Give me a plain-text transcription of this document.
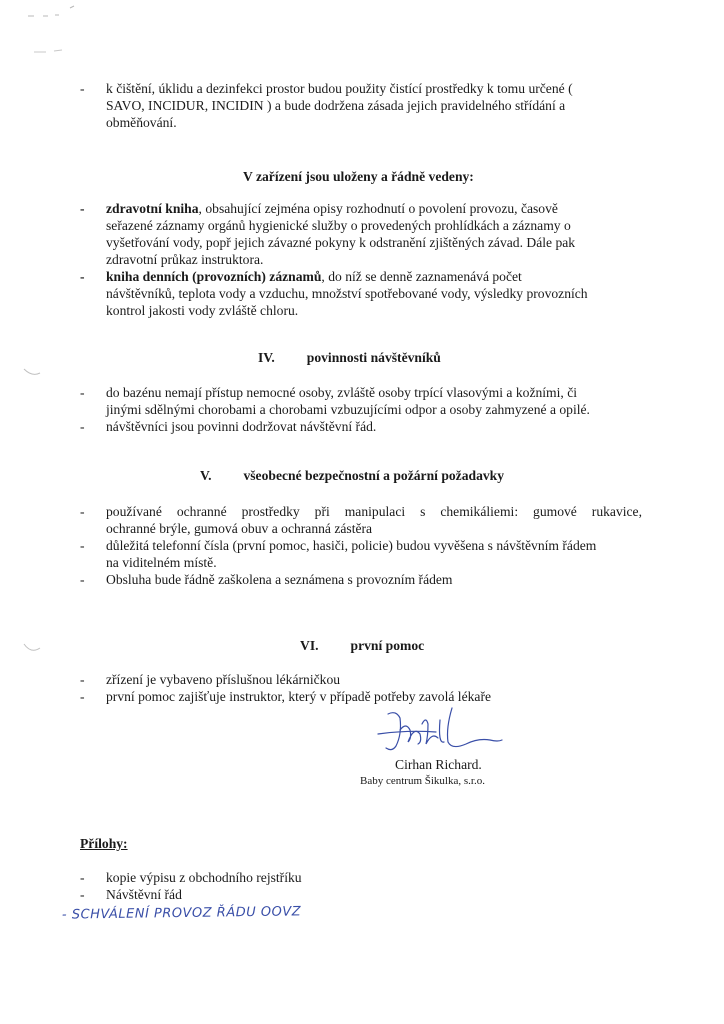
-	k čištění, úklidu a dezinfekci prostor budou použity čistící prostředky k tomu určené (
SAVO, INCIDUR, INCIDIN ) a bude dodržena zásada jejich pravidelného střídání a
obměňování.
V zařízení jsou uloženy a řádně vedeny:
-	zdravotní kniha, obsahující zejména opisy rozhodnutí o povolení provozu, časově
seřazené záznamy orgánů hygienické služby o provedených prohlídkách a záznamy o
vyšetřování vody, popř jejich závazné pokyny k odstranění zjištěných závad. Dále pak
zdravotní průkaz instruktora.
-	kniha denních (provozních) záznamů, do níž se denně zaznamenává počet
návštěvníků, teplota vody a vzduchu, množství spotřebované vody, výsledky provozních
kontrol jakosti vody zvláště chloru.
IV. povinnosti návštěvníků
-	do bazénu nemají přístup nemocné osoby, zvláště osoby trpící vlasovými a kožními, či
jinými sdělnými chorobami a chorobami vzbuzujícími odpor a osoby zahmyzené a opilé.
-	návštěvníci jsou povinni dodržovat návštěvní řád.
V. všeobecné bezpečnostní a požární požadavky
-	používané ochranné prostředky při manipulaci s chemikáliemi: gumové rukavice,
ochranné brýle, gumová obuv a ochranná zástěra
-	důležitá telefonní čísla (první pomoc, hasiči, policie) budou vyvěšena s návštěvním řádem
na viditelném místě.
-	Obsluha bude řádně zaškolena a seznámena s provozním řádem
VI. první pomoc
-	zřízení je vybaveno příslušnou lékárničkou
-	první pomoc zajišťuje instruktor, který v případě potřeby zavolá lékaře
Cirhan Richard.
Baby centrum Šikulka, s.r.o.
Přílohy:
-	kopie výpisu z obchodního rejstříku
-	Návštěvní řád
- SCHVÁLENÍ PROVOZ ŘÁDU OOVZ
